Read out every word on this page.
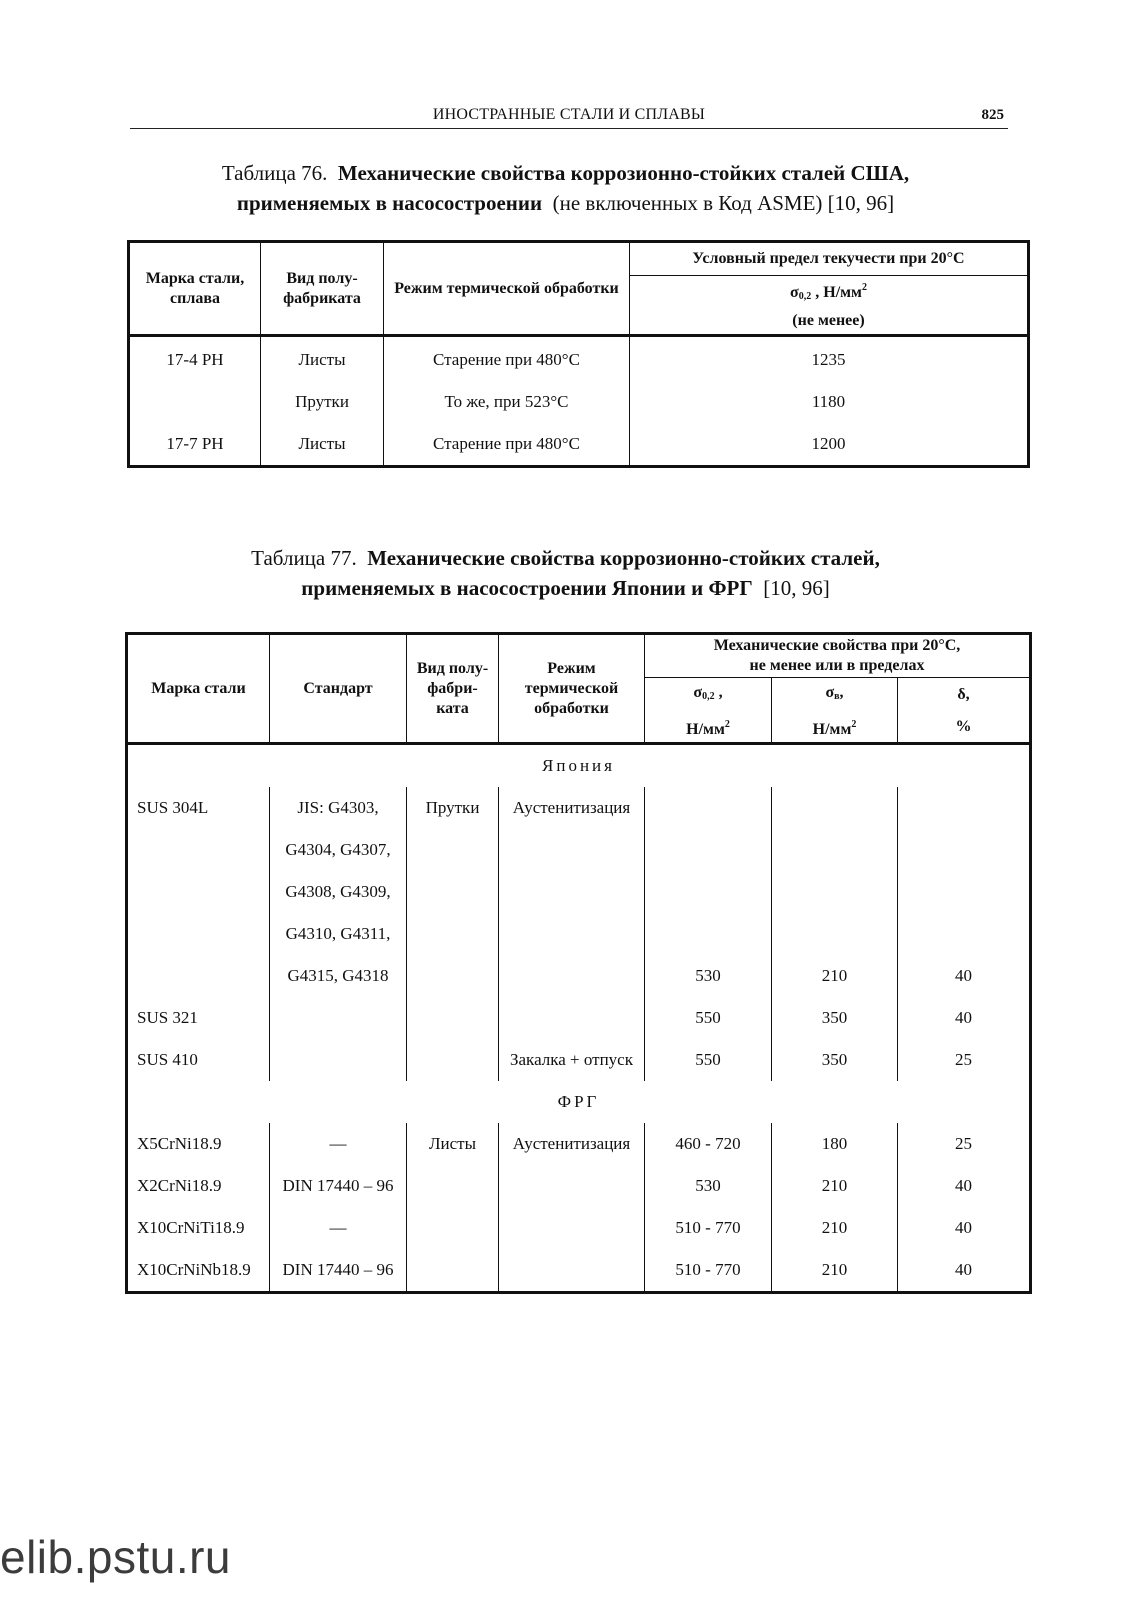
ИНОСТРАННЫЕ СТАЛИ И СПЛАВЫ	825
Таблица 76. Механические свойства коррозионно-стойких сталей США,
применяемых в насосостроении (не включенных в Код ASME) [10, 96]
Марка стали, сплава	Вид полу-фабриката	Режим термической обработки	Условный предел текучести при 20°С
			$\sigma_{0,2}$ , $Н/мм^2$
			(не менее)
17-4 PH	Листы	Старение при 480°С	1235
	Прутки	То же, при 523°С	1180
17-7 PH	Листы	Старение при 480°С	1200
Таблица 77. Механические свойства коррозионно-стойких сталей,
применяемых в насосостроении Японии и ФРГ [10, 96]
Марка стали	Стандарт	Вид полу-фабри-ката	Режим термической обработки	Механические свойства при 20°С,
не менее или в пределах		

				$\sigma_{0,2}$ ,	$\sigma_в$,	δ,
				$Н/мм^2$	$Н/мм^2$	%
Япония						
SUS 304L	JIS: G4303,	Прутки	Аустенитизация			
	G4304, G4307,					
	G4308, G4309,					
	G4310, G4311,					
	G4315, G4318			530	210	40
SUS 321				550	350	40
SUS 410			Закалка + отпуск	550	350	25
ФРГ						
X5CrNi18.9	—	Листы	Аустенитизация	460 - 720	180	25
X2CrNi18.9	DIN 17440 – 96			530	210	40
X10CrNiTi18.9	—			510 - 770	210	40
X10CrNiNb18.9	DIN 17440 – 96			510 - 770	210	40
elib.pstu.ru
